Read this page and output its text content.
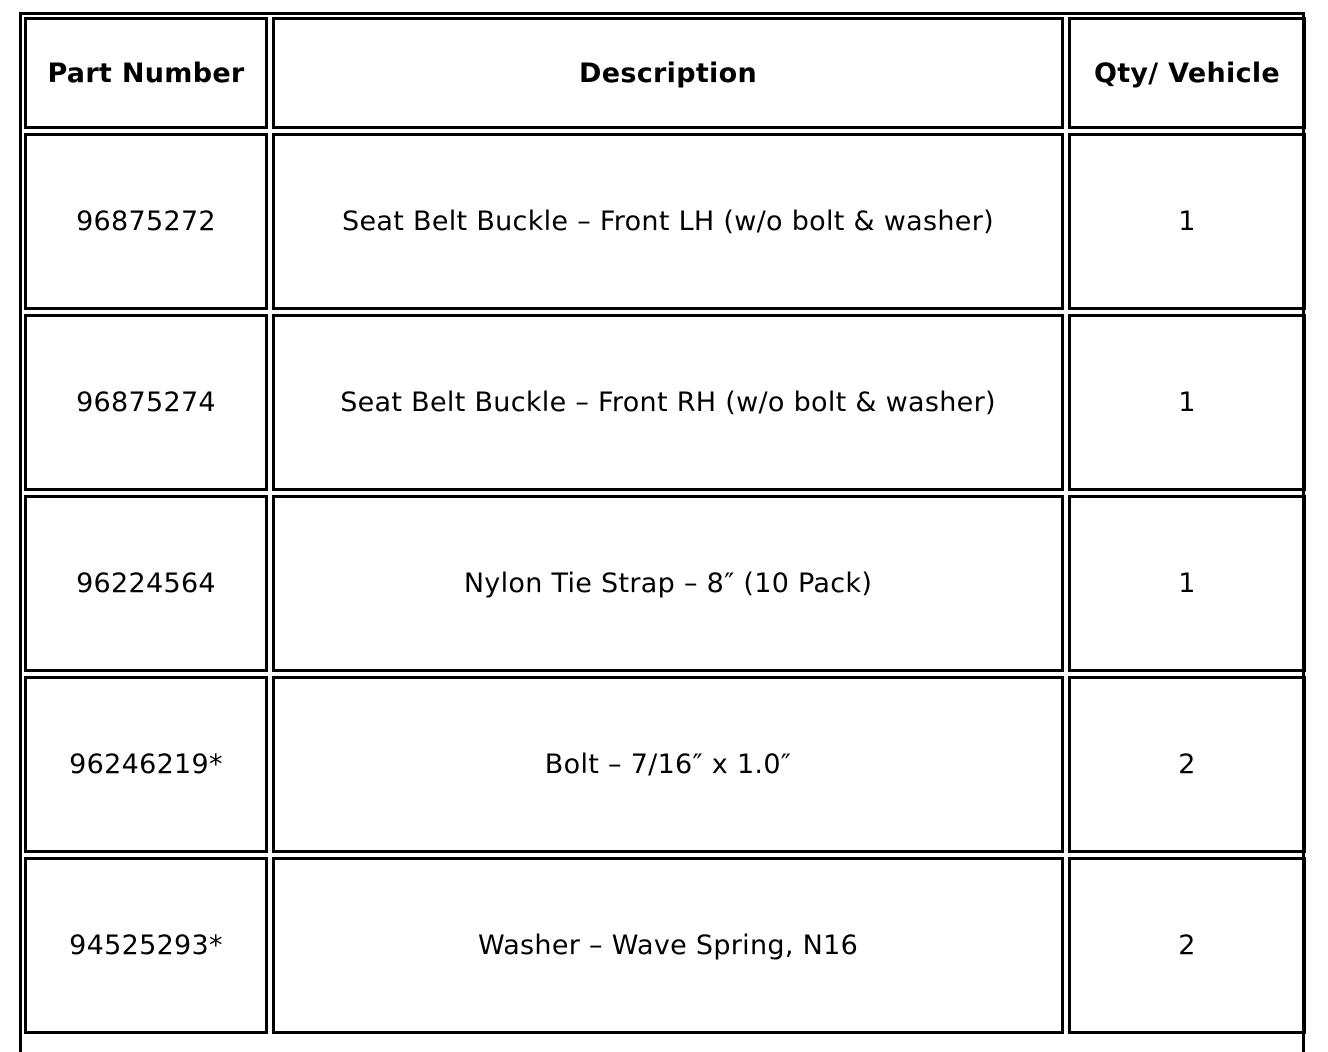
Part Number		Description		Qty/ Vehicle
96875272		Seat Belt Buckle – Front LH (w/o bolt & washer)		1
96875274		Seat Belt Buckle – Front RH (w/o bolt & washer)		1
96224564		Nylon Tie Strap – 8″ (10 Pack)		1
96246219*		Bolt – 7/16″ x 1.0″		2
94525293*		Washer – Wave Spring, N16		2
